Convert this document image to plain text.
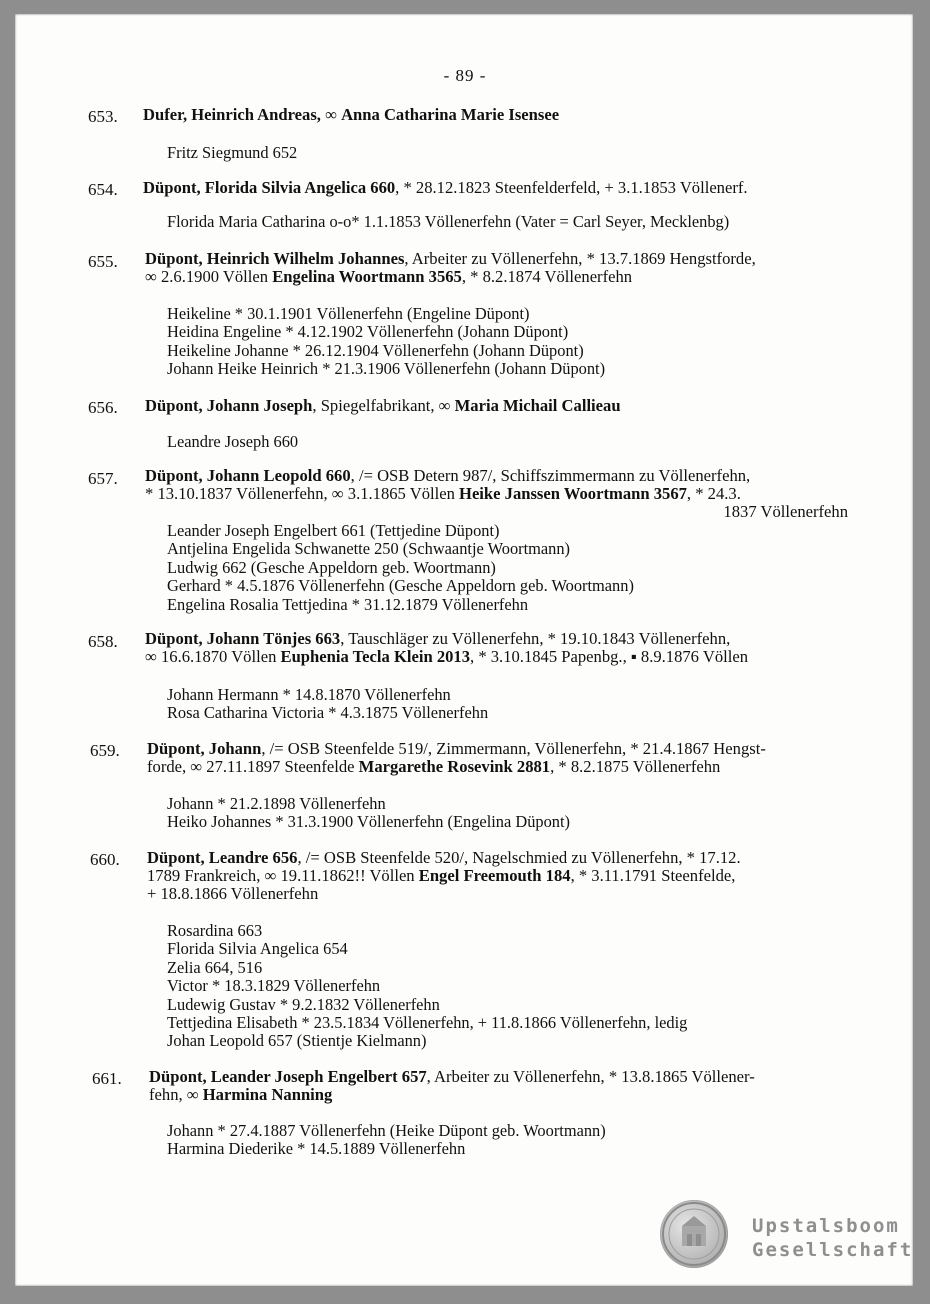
- 89 -
653. Dufer, Heinrich Andreas, ∞ Anna Catharina Marie Isensee
Fritz Siegmund 652
654. Düpont, Florida Silvia Angelica 660, * 28.12.1823 Steenfelderfeld, + 3.1.1853 Völlenerf.
Florida Maria Catharina o-o* 1.1.1853 Völlenerfehn (Vater = Carl Seyer, Mecklenbg)
655. Düpont, Heinrich Wilhelm Johannes, Arbeiter zu Völlenerfehn, * 13.7.1869 Hengstforde,
∞ 2.6.1900 Völlen Engelina Woortmann 3565, * 8.2.1874 Völlenerfehn
Heikeline * 30.1.1901 Völlenerfehn (Engeline Düpont)
Heidina Engeline * 4.12.1902 Völlenerfehn (Johann Düpont)
Heikeline Johanne * 26.12.1904 Völlenerfehn (Johann Düpont)
Johann Heike Heinrich * 21.3.1906 Völlenerfehn (Johann Düpont)
656. Düpont, Johann Joseph, Spiegelfabrikant, ∞ Maria Michail Callieau
Leandre Joseph 660
657. Düpont, Johann Leopold 660, /= OSB Detern 987/, Schiffszimmermann zu Völlenerfehn,
* 13.10.1837 Völlenerfehn, ∞ 3.1.1865 Völlen Heike Janssen Woortmann 3567, * 24.3.
1837 Völlenerfehn
Leander Joseph Engelbert 661 (Tettjedine Düpont)
Antjelina Engelida Schwanette 250 (Schwaantje Woortmann)
Ludwig 662 (Gesche Appeldorn geb. Woortmann)
Gerhard * 4.5.1876 Völlenerfehn (Gesche Appeldorn geb. Woortmann)
Engelina Rosalia Tettjedina * 31.12.1879 Völlenerfehn
658. Düpont, Johann Tönjes 663, Tauschläger zu Völlenerfehn, * 19.10.1843 Völlenerfehn,
∞ 16.6.1870 Völlen Euphenia Tecla Klein 2013, * 3.10.1845 Papenbg., ▪ 8.9.1876 Völlen
Johann Hermann * 14.8.1870 Völlenerfehn
Rosa Catharina Victoria * 4.3.1875 Völlenerfehn
659. Düpont, Johann, /= OSB Steenfelde 519/, Zimmermann, Völlenerfehn, * 21.4.1867 Hengst-
forde, ∞ 27.11.1897 Steenfelde Margarethe Rosevink 2881, * 8.2.1875 Völlenerfehn
Johann * 21.2.1898 Völlenerfehn
Heiko Johannes * 31.3.1900 Völlenerfehn (Engelina Düpont)
660. Düpont, Leandre 656, /= OSB Steenfelde 520/, Nagelschmied zu Völlenerfehn, * 17.12.
1789 Frankreich, ∞ 19.11.1862!! Völlen Engel Freemouth 184, * 3.11.1791 Steenfelde,
+ 18.8.1866 Völlenerfehn
Rosardina 663
Florida Silvia Angelica 654
Zelia 664, 516
Victor * 18.3.1829 Völlenerfehn
Ludewig Gustav * 9.2.1832 Völlenerfehn
Tettjedina Elisabeth * 23.5.1834 Völlenerfehn, + 11.8.1866 Völlenerfehn, ledig
Johan Leopold 657 (Stientje Kielmann)
661. Düpont, Leander Joseph Engelbert 657, Arbeiter zu Völlenerfehn, * 13.8.1865 Völlener-
fehn, ∞ Harmina Nanning
Johann * 27.4.1887 Völlenerfehn (Heike Düpont geb. Woortmann)
Harmina Diederike * 14.5.1889 Völlenerfehn
Upstalsboom
Gesellschaft
